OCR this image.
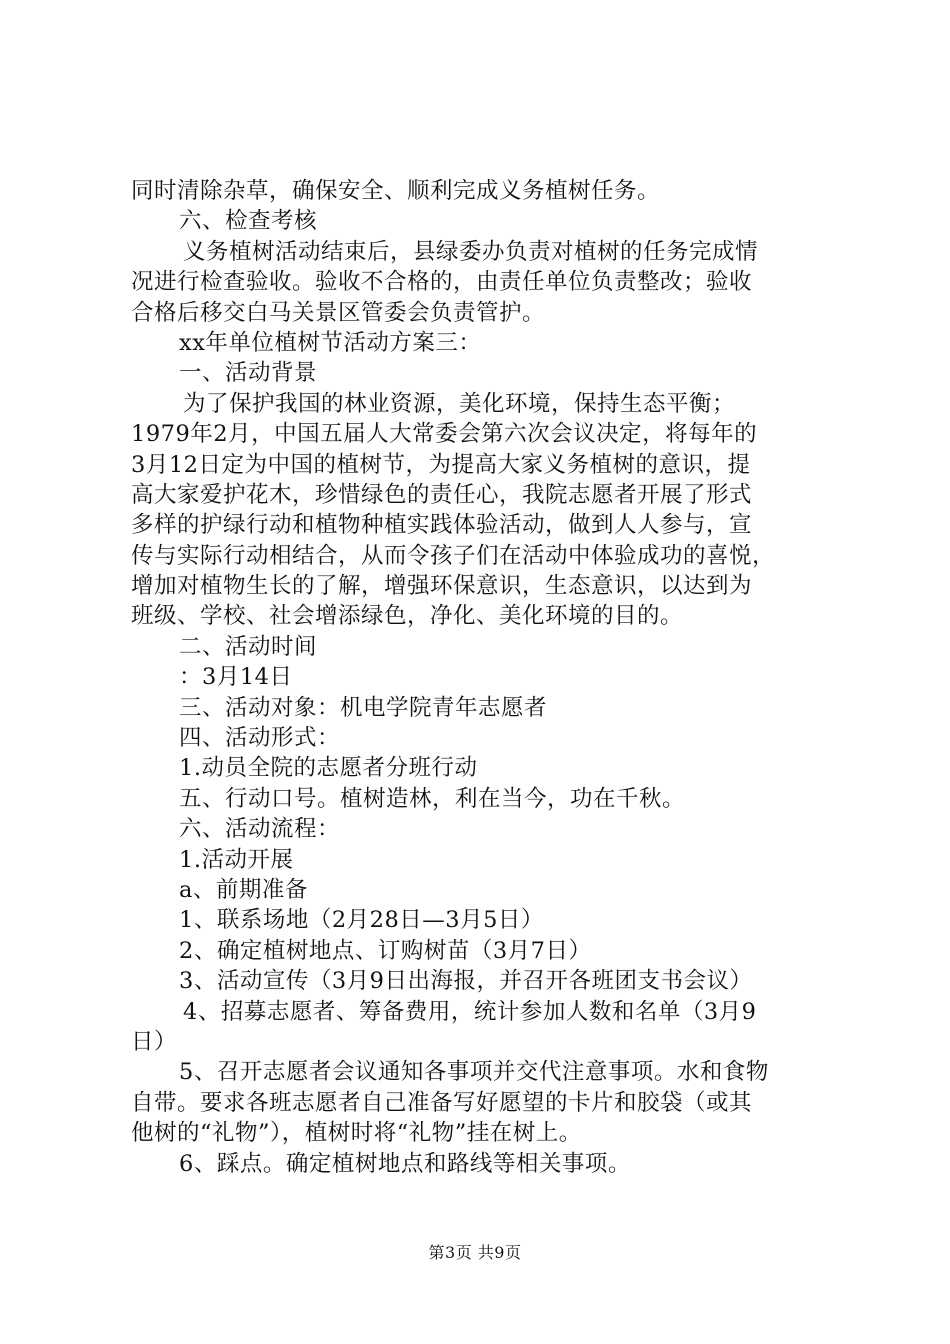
同时清除杂草，确保安全、顺利完成义务植树任务。
六、检查考核
义务植树活动结束后，县绿委办负责对植树的任务完成情
况进行检查验收。验收不合格的，由责任单位负责整改；验收
合格后移交白马关景区管委会负责管护。
xx年单位植树节活动方案三：
一、活动背景
为了保护我国的林业资源，美化环境，保持生态平衡；
1979年2月，中国五届人大常委会第六次会议决定，将每年的
3月12日定为中国的植树节，为提高大家义务植树的意识，提
高大家爱护花木，珍惜绿色的责任心，我院志愿者开展了形式
多样的护绿行动和植物种植实践体验活动，做到人人参与，宣
传与实际行动相结合，从而令孩子们在活动中体验成功的喜悦，
增加对植物生长的了解，增强环保意识，生态意识，以达到为
班级、学校、社会增添绿色，净化、美化环境的目的。
二、活动时间
：3月14日
三、活动对象：机电学院青年志愿者
四、活动形式：
1.动员全院的志愿者分班行动
五、行动口号。植树造林，利在当今，功在千秋。
六、活动流程：
1.活动开展
a、前期准备
1、联系场地（2月28日—3月5日）
2、确定植树地点、订购树苗（3月7日）
3、活动宣传（3月9日出海报，并召开各班团支书会议）
4、招募志愿者、筹备费用，统计参加人数和名单（3月9
日）
5、召开志愿者会议通知各事项并交代注意事项。水和食物
自带。要求各班志愿者自己准备写好愿望的卡片和胶袋（或其
他树的“礼物”），植树时将“礼物”挂在树上。
6、踩点。确定植树地点和路线等相关事项。
第3页 共9页
